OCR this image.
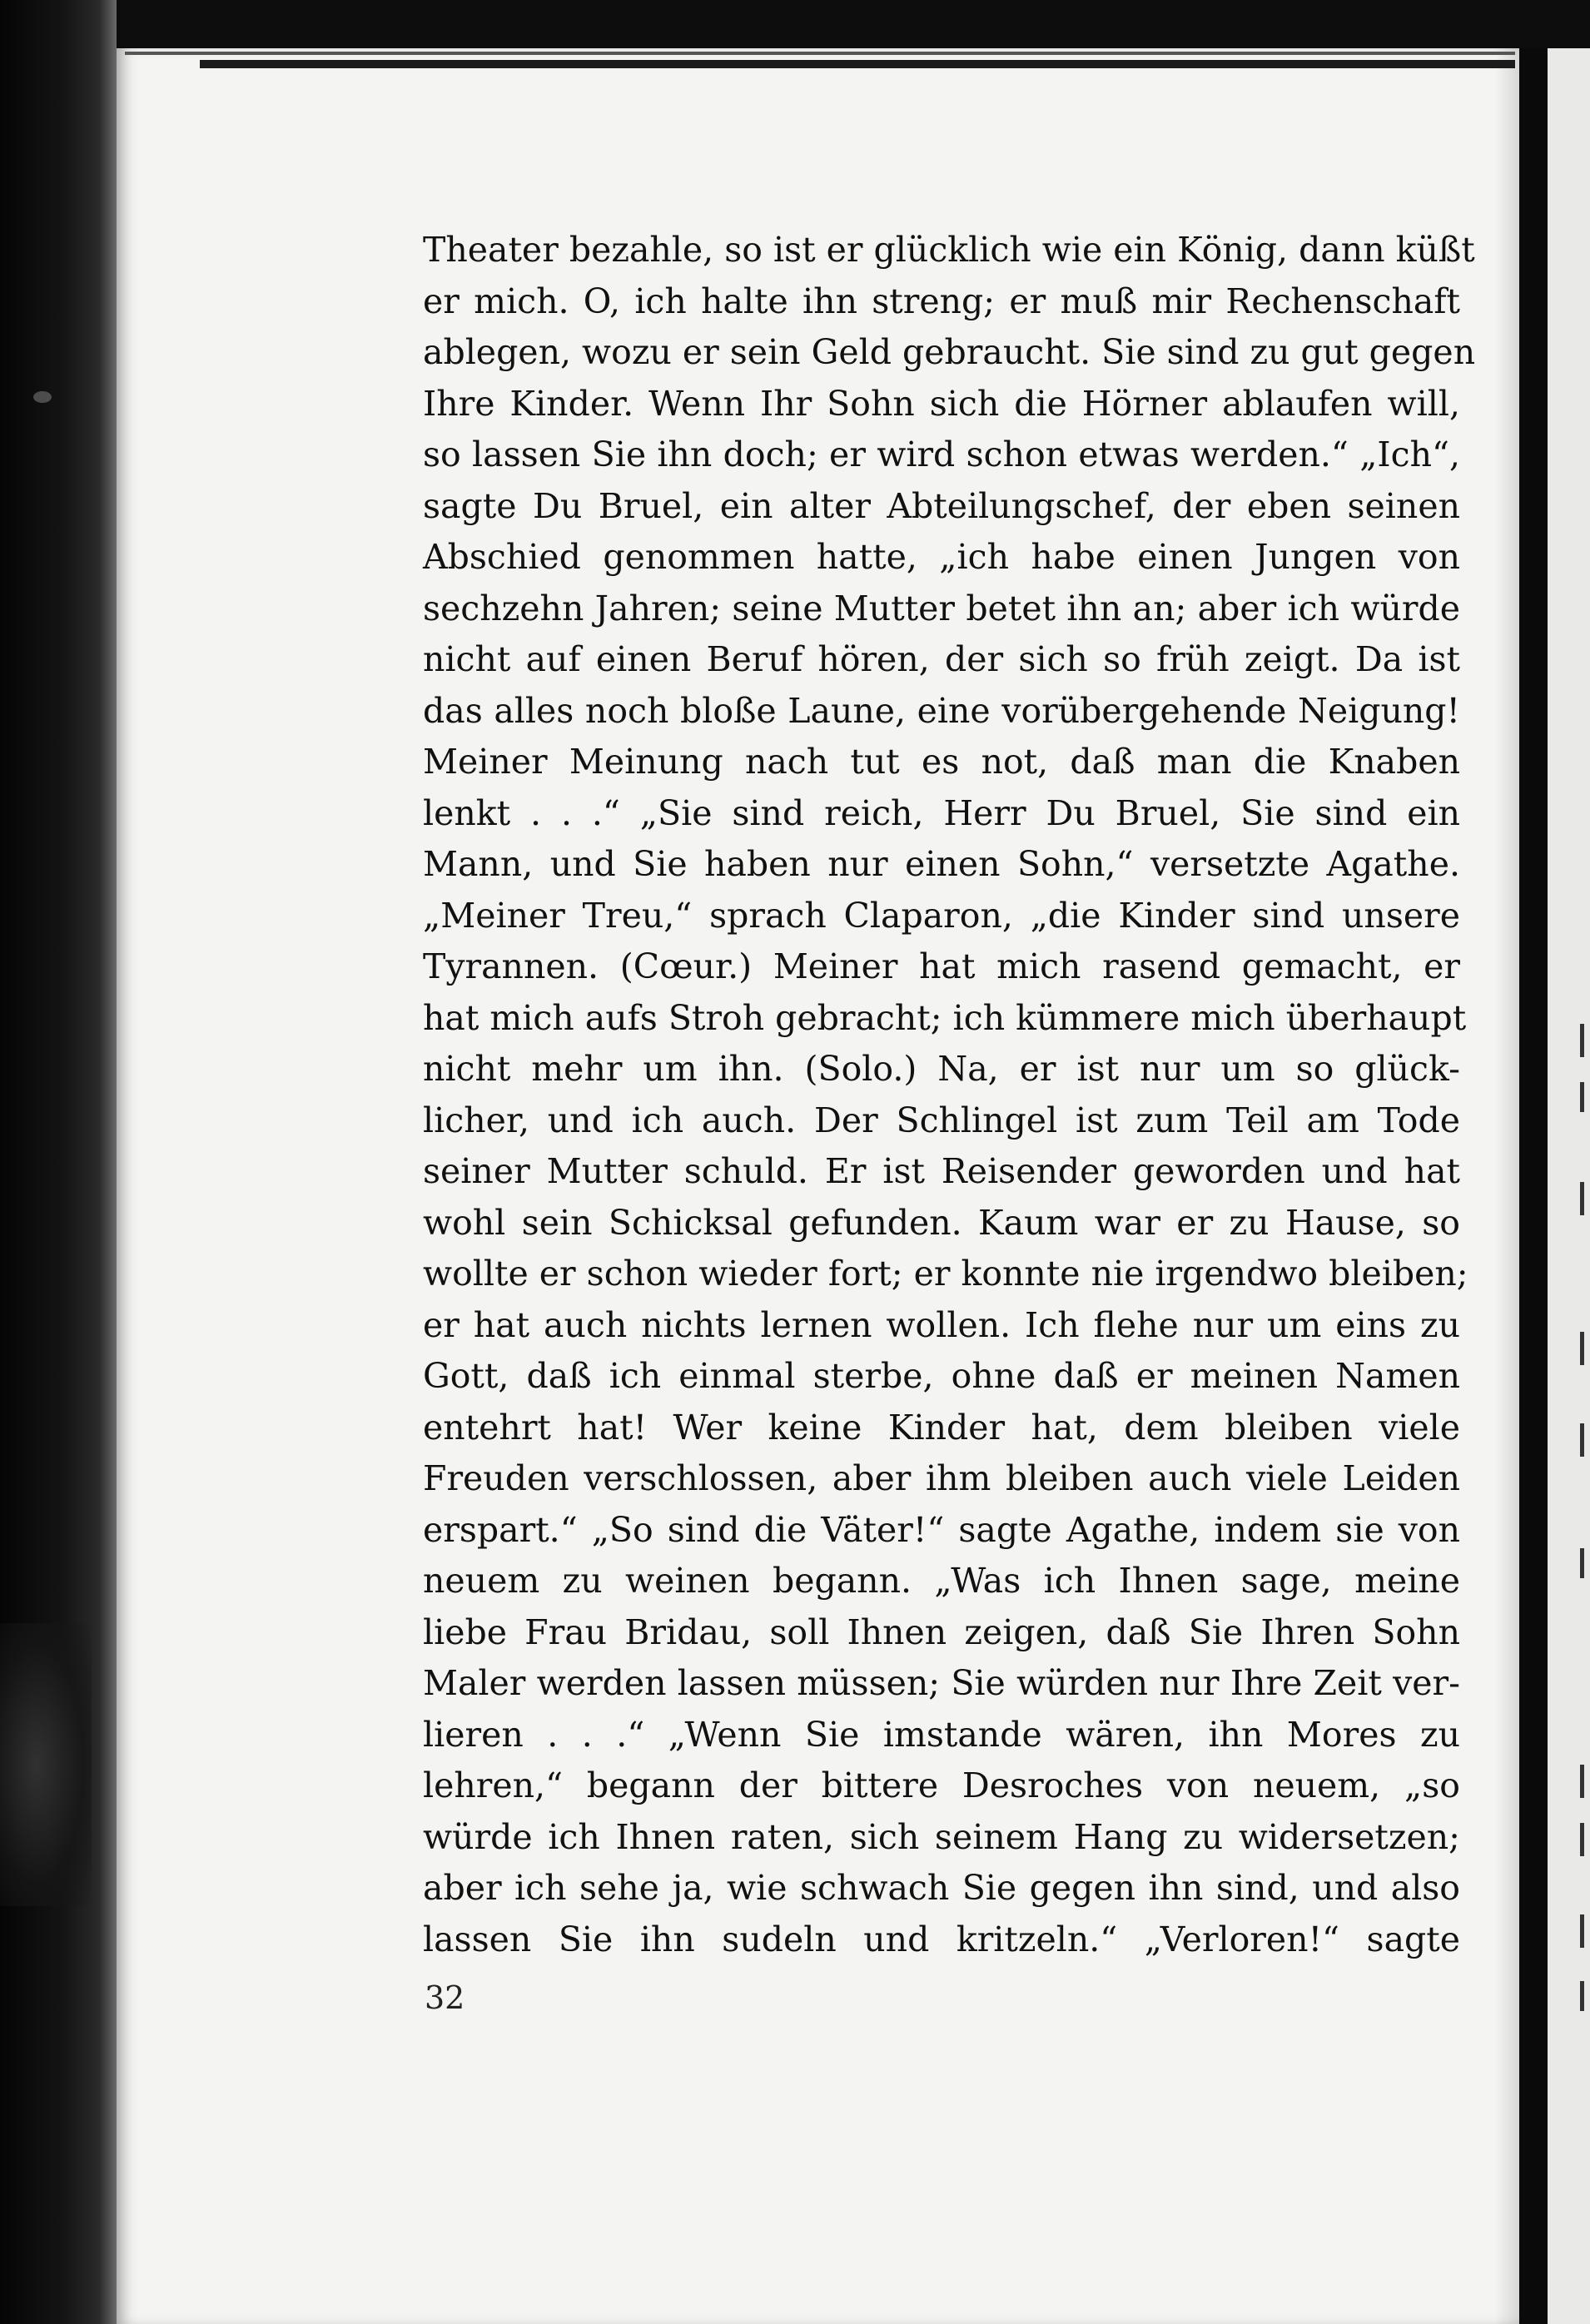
Theater bezahle, so ist er glücklich wie ein König, dann küßt
er mich. O, ich halte ihn streng; er muß mir Rechenschaft
ablegen, wozu er sein Geld gebraucht. Sie sind zu gut gegen
Ihre Kinder. Wenn Ihr Sohn sich die Hörner ablaufen will,
so lassen Sie ihn doch; er wird schon etwas werden.“ „Ich“,
sagte Du Bruel, ein alter Abteilungschef, der eben seinen
Abschied genommen hatte, „ich habe einen Jungen von
sechzehn Jahren; seine Mutter betet ihn an; aber ich würde
nicht auf einen Beruf hören, der sich so früh zeigt. Da ist
das alles noch bloße Laune, eine vorübergehende Neigung!
Meiner Meinung nach tut es not, daß man die Knaben
lenkt . . .“ „Sie sind reich, Herr Du Bruel, Sie sind ein
Mann, und Sie haben nur einen Sohn,“ versetzte Agathe.
„Meiner Treu,“ sprach Claparon, „die Kinder sind unsere
Tyrannen. (Cœur.) Meiner hat mich rasend gemacht, er
hat mich aufs Stroh gebracht; ich kümmere mich überhaupt
nicht mehr um ihn. (Solo.) Na, er ist nur um so glück-
licher, und ich auch. Der Schlingel ist zum Teil am Tode
seiner Mutter schuld. Er ist Reisender geworden und hat
wohl sein Schicksal gefunden. Kaum war er zu Hause, so
wollte er schon wieder fort; er konnte nie irgendwo bleiben;
er hat auch nichts lernen wollen. Ich flehe nur um eins zu
Gott, daß ich einmal sterbe, ohne daß er meinen Namen
entehrt hat! Wer keine Kinder hat, dem bleiben viele
Freuden verschlossen, aber ihm bleiben auch viele Leiden
erspart.“ „So sind die Väter!“ sagte Agathe, indem sie von
neuem zu weinen begann. „Was ich Ihnen sage, meine
liebe Frau Bridau, soll Ihnen zeigen, daß Sie Ihren Sohn
Maler werden lassen müssen; Sie würden nur Ihre Zeit ver-
lieren . . .“ „Wenn Sie imstande wären, ihn Mores zu
lehren,“ begann der bittere Desroches von neuem, „so
würde ich Ihnen raten, sich seinem Hang zu widersetzen;
aber ich sehe ja, wie schwach Sie gegen ihn sind, und also
lassen Sie ihn sudeln und kritzeln.“ „Verloren!“ sagte
32
